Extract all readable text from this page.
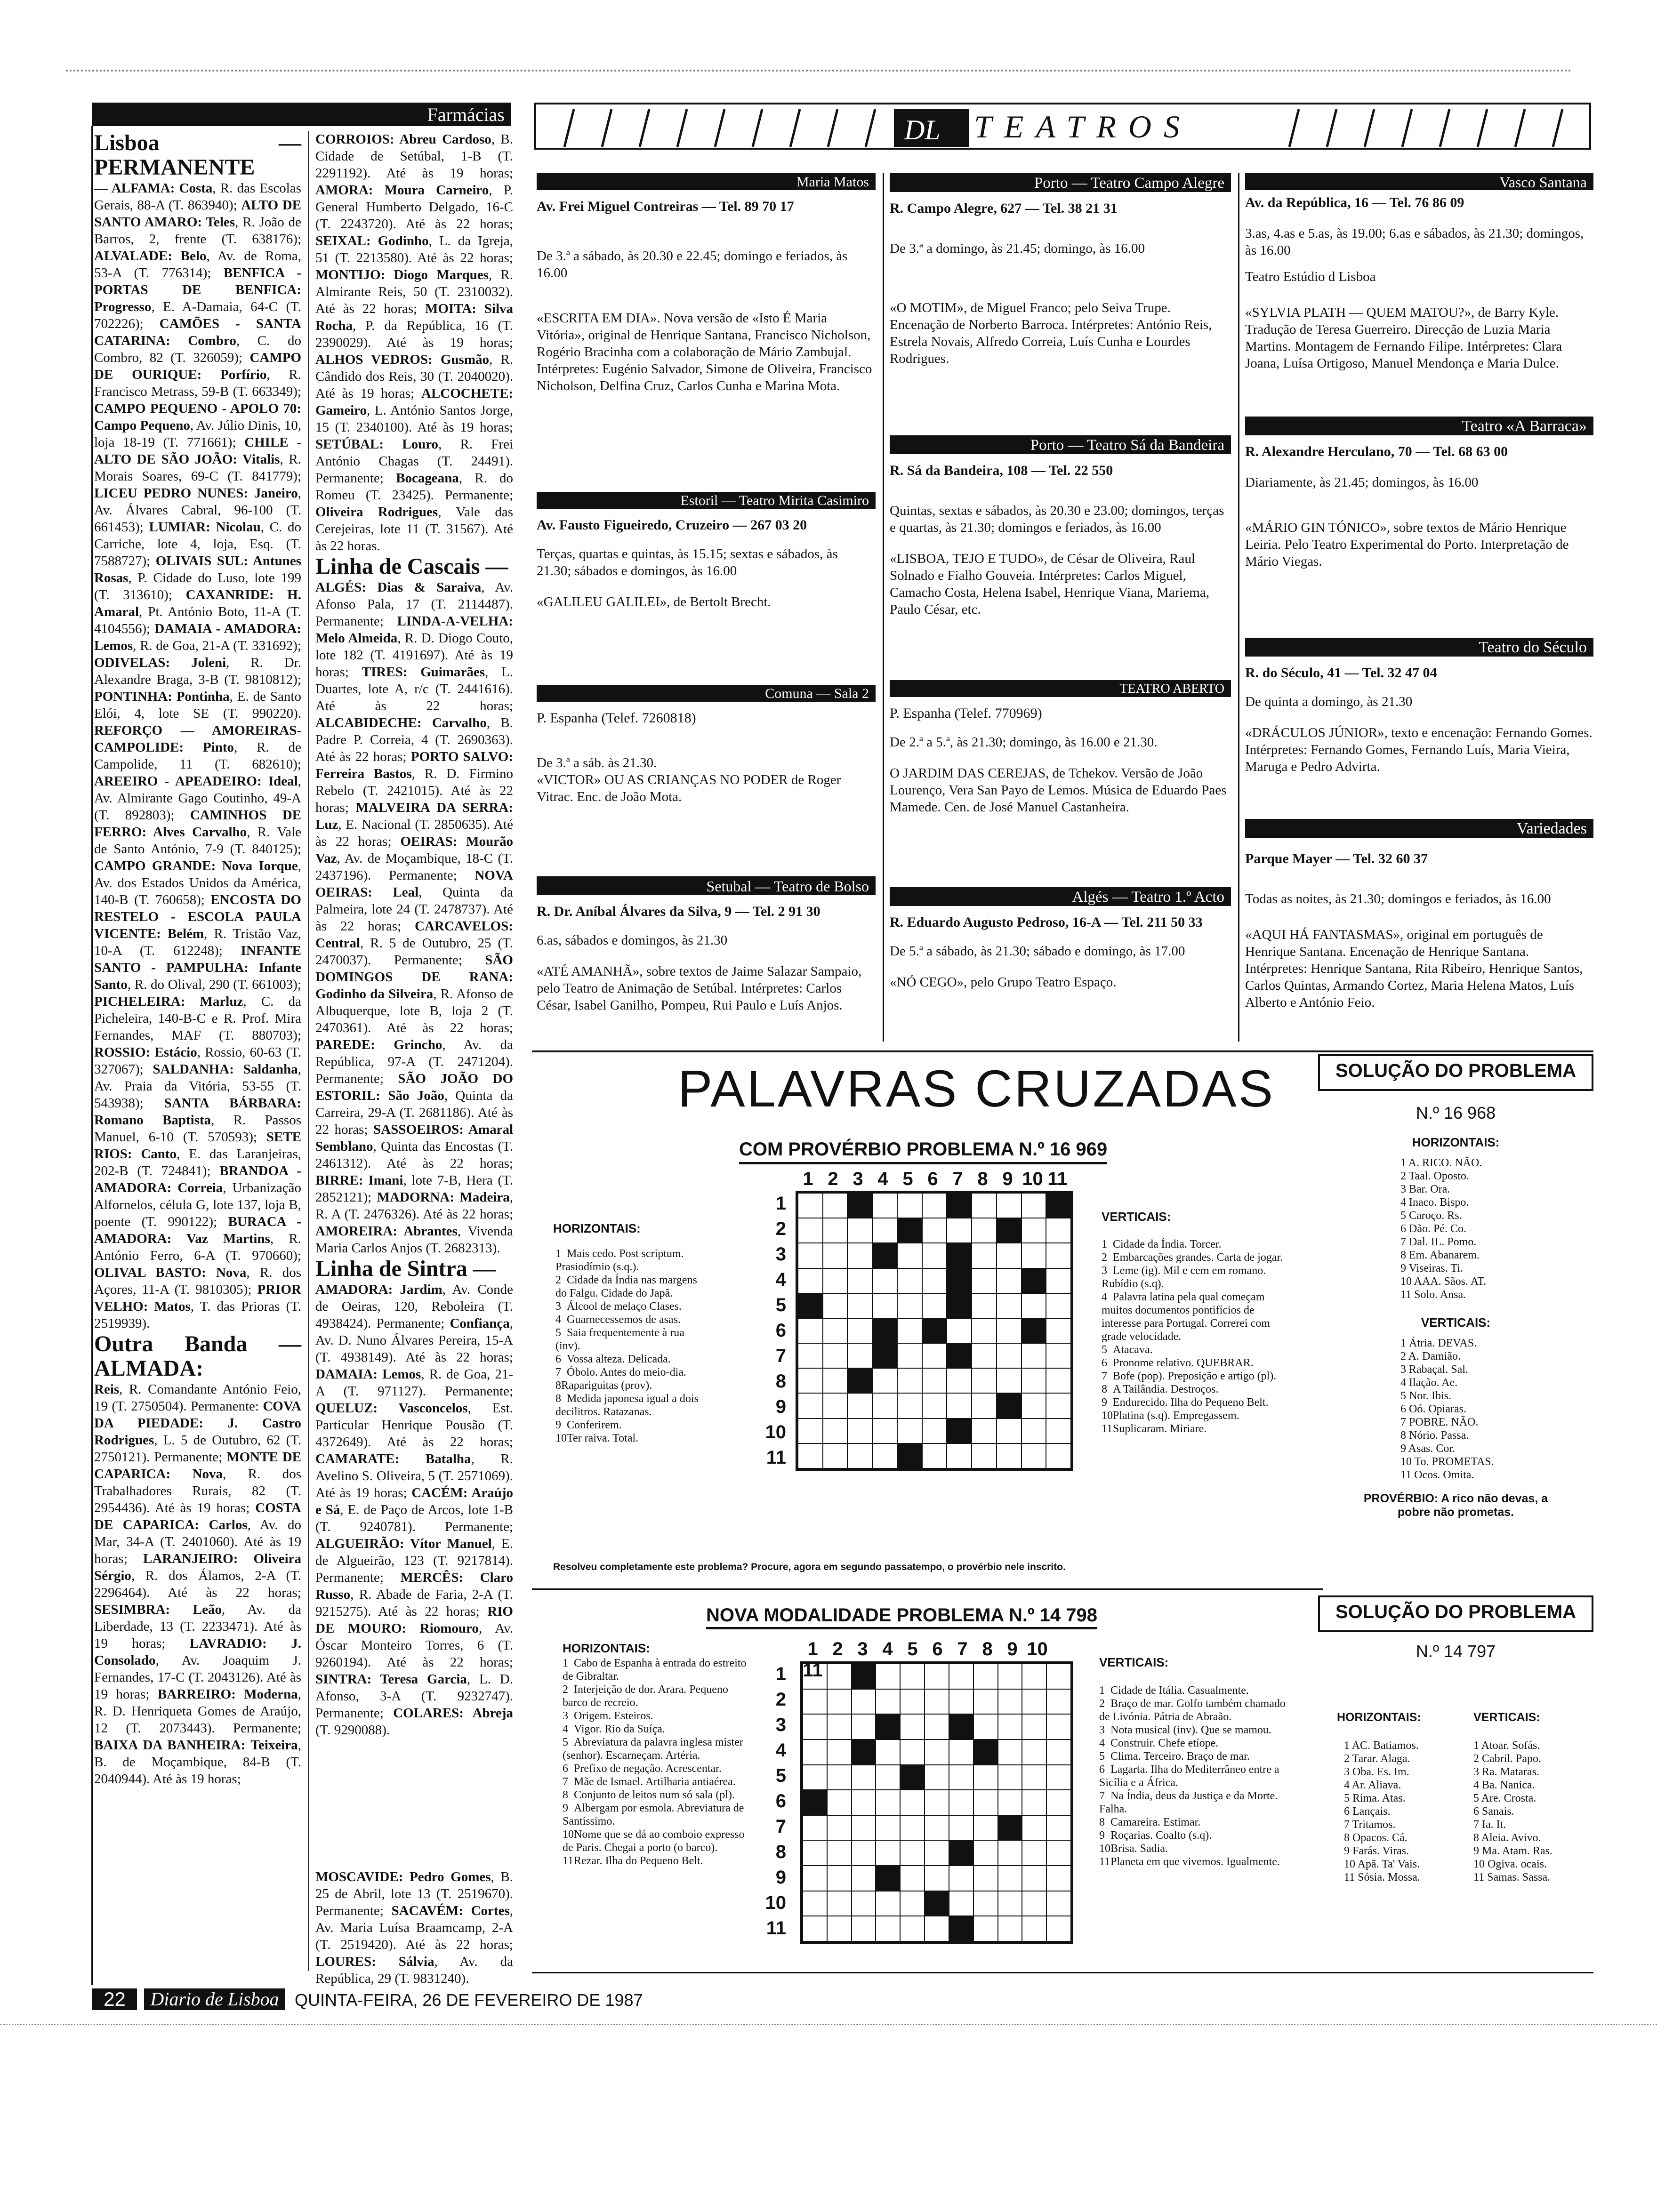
Farmácias
Lisboa — PERMANENTE
— ALFAMA: Costa, R. das Escolas Gerais, 88-A (T. 863940); ALTO DE SANTO AMARO: Teles, R. João de Barros, 2, frente (T. 638176); ALVALADE: Belo, Av. de Roma, 53-A (T. 776314); BENFICA - PORTAS DE BENFICA: Progresso, E. A-Damaia, 64-C (T. 702226); CAMÕES - SANTA CATARINA: Combro, C. do Combro, 82 (T. 326059); CAMPO DE OURIQUE: Porfírio, R. Francisco Metrass, 59-B (T. 663349); CAMPO PEQUENO - APOLO 70: Campo Pequeno, Av. Júlio Dinis, 10, loja 18-19 (T. 771661); CHILE - ALTO DE SÃO JOÃO: Vitalis, R. Morais Soares, 69-C (T. 841779); LICEU PEDRO NUNES: Janeiro, Av. Álvares Cabral, 96-100 (T. 661453); LUMIAR: Nicolau, C. do Carriche, lote 4, loja, Esq. (T. 7588727); OLIVAIS SUL: Antunes Rosas, P. Cidade do Luso, lote 199 (T. 313610); CAXANRIDE: H. Amaral, Pt. António Boto, 11-A (T. 4104556); DAMAIA - AMADORA: Lemos, R. de Goa, 21-A (T. 331692); ODIVELAS: Joleni, R. Dr. Alexandre Braga, 3-B (T. 9810812); PONTINHA: Pontinha, E. de Santo Elói, 4, lote SE (T. 990220). REFORÇO — AMOREIRAS- CAMPOLIDE: Pinto, R. de Campolide, 11 (T. 682610); AREEIRO - APEADEIRO: Ideal, Av. Almirante Gago Coutinho, 49-A (T. 892803); CAMINHOS DE FERRO: Alves Carvalho, R. Vale de Santo António, 7-9 (T. 840125); CAMPO GRANDE: Nova Iorque, Av. dos Estados Unidos da América, 140-B (T. 760658); ENCOSTA DO RESTELO - ESCOLA PAULA VICENTE: Belém, R. Tristão Vaz, 10-A (T. 612248); INFANTE SANTO - PAMPULHA: Infante Santo, R. do Olival, 290 (T. 661003); PICHELEIRA: Marluz, C. da Picheleira, 140-B-C e R. Prof. Mira Fernandes, MAF (T. 880703); ROSSIO: Estácio, Rossio, 60-63 (T. 327067); SALDANHA: Saldanha, Av. Praia da Vitória, 53-55 (T. 543938); SANTA BÁRBARA: Romano Baptista, R. Passos Manuel, 6-10 (T. 570593); SETE RIOS: Canto, E. das Laranjeiras, 202-B (T. 724841); BRANDOA - AMADORA: Correia, Urbanização Alfornelos, célula G, lote 137, loja B, poente (T. 990122); BURACA - AMADORA: Vaz Martins, R. António Ferro, 6-A (T. 970660); OLIVAL BASTO: Nova, R. dos Açores, 11-A (T. 9810305); PRIOR VELHO: Matos, T. das Prioras (T. 2519939).
Outra Banda — ALMADA:
Reis, R. Comandante António Feio, 19 (T. 2750504). Permanente: COVA DA PIEDADE: J. Castro Rodrigues, L. 5 de Outubro, 62 (T. 2750121). Permanente; MONTE DE CAPARICA: Nova, R. dos Trabalhadores Rurais, 82 (T. 2954436). Até às 19 horas; COSTA DE CAPARICA: Carlos, Av. do Mar, 34-A (T. 2401060). Até às 19 horas; LARANJEIRO: Oliveira Sérgio, R. dos Álamos, 2-A (T. 2296464). Até às 22 horas; SESIMBRA: Leão, Av. da Liberdade, 13 (T. 2233471). Até às 19 horas; LAVRADIO: J. Consolado, Av. Joaquim J. Fernandes, 17-C (T. 2043126). Até às 19 horas; BARREIRO: Moderna, R. D. Henriqueta Gomes de Araújo, 12 (T. 2073443). Permanente; BAIXA DA BANHEIRA: Teixeira, B. de Moçambique, 84-B (T. 2040944). Até às 19 horas;
CORROIOS: Abreu Cardoso, B. Cidade de Setúbal, 1-B (T. 2291192). Até às 19 horas; AMORA: Moura Carneiro, P. General Humberto Delgado, 16-C (T. 2243720). Até às 22 horas; SEIXAL: Godinho, L. da Igreja, 51 (T. 2213580). Até às 22 horas; MONTIJO: Diogo Marques, R. Almirante Reis, 50 (T. 2310032). Até às 22 horas; MOITA: Silva Rocha, P. da República, 16 (T. 2390029). Até às 19 horas; ALHOS VEDROS: Gusmão, R. Cândido dos Reis, 30 (T. 2040020). Até às 19 horas; ALCOCHETE: Gameiro, L. António Santos Jorge, 15 (T. 2340100). Até às 19 horas; SETÚBAL: Louro, R. Frei António Chagas (T. 24491). Permanente; Bocageana, R. do Romeu (T. 23425). Permanente; Oliveira Rodrigues, Vale das Cerejeiras, lote 11 (T. 31567). Até às 22 horas.
Linha de Cascais —
ALGÉS: Dias & Saraiva, Av. Afonso Pala, 17 (T. 2114487). Permanente; LINDA-A-VELHA: Melo Almeida, R. D. Diogo Couto, lote 182 (T. 4191697). Até às 19 horas; TIRES: Guimarães, L. Duartes, lote A, r/c (T. 2441616). Até às 22 horas; ALCABIDECHE: Carvalho, B. Padre P. Correia, 4 (T. 2690363). Até às 22 horas; PORTO SALVO: Ferreira Bastos, R. D. Firmino Rebelo (T. 2421015). Até às 22 horas; MALVEIRA DA SERRA: Luz, E. Nacional (T. 2850635). Até às 22 horas; OEIRAS: Mourão Vaz, Av. de Moçambique, 18-C (T. 2437196). Permanente; NOVA OEIRAS: Leal, Quinta da Palmeira, lote 24 (T. 2478737). Até às 22 horas; CARCAVELOS: Central, R. 5 de Outubro, 25 (T. 2470037). Permanente; SÃO DOMINGOS DE RANA: Godinho da Silveira, R. Afonso de Albuquerque, lote B, loja 2 (T. 2470361). Até às 22 horas; PAREDE: Grincho, Av. da República, 97-A (T. 2471204). Permanente; SÃO JOÃO DO ESTORIL: São João, Quinta da Carreira, 29-A (T. 2681186). Até às 22 horas; SASSOEIROS: Amaral Semblano, Quinta das Encostas (T. 2461312). Até às 22 horas; BIRRE: Imani, lote 7-B, Hera (T. 2852121); MADORNA: Madeira, R. A (T. 2476326). Até às 22 horas; AMOREIRA: Abrantes, Vivenda Maria Carlos Anjos (T. 2682313).
Linha de Sintra —
AMADORA: Jardim, Av. Conde de Oeiras, 120, Reboleira (T. 4938424). Permanente; Confiança, Av. D. Nuno Álvares Pereira, 15-A (T. 4938149). Até às 22 horas; DAMAIA: Lemos, R. de Goa, 21-A (T. 971127). Permanente; QUELUZ: Vasconcelos, Est. Particular Henrique Pousão (T. 4372649). Até às 22 horas; CAMARATE: Batalha, R. Avelino S. Oliveira, 5 (T. 2571069). Até às 19 horas; CACÉM: Araújo e Sá, E. de Paço de Arcos, lote 1-B (T. 9240781). Permanente; ALGUEIRÃO: Vítor Manuel, E. de Algueirão, 123 (T. 9217814). Permanente; MERCÊS: Claro Russo, R. Abade de Faria, 2-A (T. 9215275). Até às 22 horas; RIO DE MOURO: Riomouro, Av. Óscar Monteiro Torres, 6 (T. 9260194). Até às 22 horas; SINTRA: Teresa Garcia, L. D. Afonso, 3-A (T. 9232747). Permanente; COLARES: Abreja (T. 9290088).
MOSCAVIDE: Pedro Gomes, B. 25 de Abril, lote 13 (T. 2519670). Permanente; SACAVÉM: Cortes, Av. Maria Luísa Braamcamp, 2-A (T. 2519420). Até às 22 horas; LOURES: Sálvia, Av. da República, 29 (T. 9831240).
DL TEATROS
Maria Matos
Av. Frei Miguel Contreiras — Tel. 89 70 17

De 3.ª a sábado, às 20.30 e 22.45; domingo e feriados, às 16.00

«ESCRITA EM DIA». Nova versão de «Isto É Maria Vitória», original de Henrique Santana, Francisco Nicholson, Rogério Bracinha com a colaboração de Mário Zambujal. Intérpretes: Eugénio Salvador, Simone de Oliveira, Francisco Nicholson, Delfina Cruz, Carlos Cunha e Marina Mota.

Estoril — Teatro Mirita Casimiro
Av. Fausto Figueiredo, Cruzeiro — 267 03 20

Terças, quartas e quintas, às 15.15; sextas e sábados, às 21.30; sábados e domingos, às 16.00

«GALILEU GALILEI», de Bertolt Brecht.

Comuna — Sala 2
P. Espanha (Telef. 7260818)

De 3.ª a sáb. às 21.30.

«VICTOR» OU AS CRIANÇAS NO PODER de Roger Vitrac. Enc. de João Mota.

Setubal — Teatro de Bolso
R. Dr. Aníbal Álvares da Silva, 9 — Tel. 2 91 30

6.as, sábados e domingos, às 21.30

«ATÉ AMANHÃ», sobre textos de Jaime Salazar Sampaio, pelo Teatro de Animação de Setúbal. Intérpretes: Carlos César, Isabel Ganilho, Pompeu, Rui Paulo e Luís Anjos.

Porto — Teatro Campo Alegre
R. Campo Alegre, 627 — Tel. 38 21 31

De 3.ª a domingo, às 21.45; domingo, às 16.00

«O MOTIM», de Miguel Franco; pelo Seiva Trupe. Encenação de Norberto Barroca. Intérpretes: António Reis, Estrela Novais, Alfredo Correia, Luís Cunha e Lourdes Rodrigues.

Porto — Teatro Sá da Bandeira
R. Sá da Bandeira, 108 — Tel. 22 550

Quintas, sextas e sábados, às 20.30 e 23.00; domingos, terças e quartas, às 21.30; domingos e feriados, às 16.00

«LISBOA, TEJO E TUDO», de César de Oliveira, Raul Solnado e Fialho Gouveia. Intérpretes: Carlos Miguel, Camacho Costa, Helena Isabel, Henrique Viana, Mariema, Paulo César, etc.

TEATRO ABERTO
P. Espanha (Telef. 770969)

De 2.ª a 5.ª, às 21.30; domingo, às 16.00 e 21.30.

O JARDIM DAS CEREJAS, de Tchekov. Versão de João Lourenço, Vera San Payo de Lemos. Música de Eduardo Paes Mamede. Cen. de José Manuel Castanheira.

Algés — Teatro 1.º Acto
R. Eduardo Augusto Pedroso, 16-A — Tel. 211 50 33

De 5.ª a sábado, às 21.30; sábado e domingo, às 17.00

«NÓ CEGO», pelo Grupo Teatro Espaço.

Vasco Santana
Av. da República, 16 — Tel. 76 86 09

3.as, 4.as e 5.as, às 19.00; 6.as e sábados, às 21.30; domingos, às 16.00

Teatro Estúdio d Lisboa

«SYLVIA PLATH — QUEM MATOU?», de Barry Kyle. Tradução de Teresa Guerreiro. Direcção de Luzia Maria Martins. Montagem de Fernando Filipe. Intérpretes: Clara Joana, Luísa Ortigoso, Manuel Mendonça e Maria Dulce.

Teatro «A Barraca»
R. Alexandre Herculano, 70 — Tel. 68 63 00

Diariamente, às 21.45; domingos, às 16.00

«MÁRIO GIN TÓNICO», sobre textos de Mário Henrique Leiria. Pelo Teatro Experimental do Porto. Interpretação de Mário Viegas.

Teatro do Século
R. do Século, 41 — Tel. 32 47 04

De quinta a domingo, às 21.30

«DRÁCULOS JÚNIOR», texto e encenação: Fernando Gomes. Intérpretes: Fernando Gomes, Fernando Luís, Maria Vieira, Maruga e Pedro Advirta.

Variedades
Parque Mayer — Tel. 32 60 37

Todas as noites, às 21.30; domingos e feriados, às 16.00

«AQUI HÁ FANTASMAS», original em português de Henrique Santana. Encenação de Henrique Santana. Intérpretes: Henrique Santana, Rita Ribeiro, Henrique Santos, Carlos Quintas, Armando Cortez, Maria Helena Matos, Luís Alberto e António Feio.

PALAVRAS CRUZADAS
COM PROVÉRBIO PROBLEMA N.º 16 969
HORIZONTAIS:
1 Mais cedo. Post scriptum. Prasiodímio (s.q.).
2 Cidade da Índia nas margens do Falgu. Cidade do Japã.
3 Álcool de melaço Clases.
4 Guarnecessemos de asas.
5 Saia frequentemente à rua (inv).
6 Vossa alteza. Delicada.
7 Óbolo. Antes do meio-dia. 8Rapariguitas (prov).
8 Medida japonesa igual a dois decilitros. Ratazanas.
9 Conferirem.
10Ter raiva. Total.
1 2 3 4 5 6 7 8 9 10 11
1
2
3
4
5
6
7
8
9
10
11
VERTICAIS:
1 Cidade da Índia. Torcer.
2 Embarcações grandes. Carta de jogar.
3 Leme (ig). Mil e cem em romano. Rubídio (s.q).
4 Palavra latina pela qual começam muitos documentos pontifícios de interesse para Portugal. Correrei com grade velocidade.
5 Atacava.
6 Pronome relativo. QUEBRAR.
7 Bofe (pop). Preposição e artigo (pl).
8 A Tailândia. Destroços.
9 Endurecido. Ilha do Pequeno Belt.
10Platina (s.q). Empregassem.
11Suplicaram. Miriare.
Resolveu completamente este problema? Procure, agora em segundo passatempo, o provérbio nele inscrito.
SOLUÇÃO DO PROBLEMA
N.º 16 968
HORIZONTAIS:
1 A. RICO. NÃO.
2 Taal. Oposto.
3 Bar. Ora.
4 Inaco. Bispo.
5 Caroço. Rs.
6 Dão. Pé. Co.
7 Dal. IL. Pomo.
8 Em. Abanarem.
9 Viseiras. Ti.
10 AAA. Sãos. AT.
11 Solo. Ansa.
VERTICAIS:
1 Átria. DEVAS.
2 A. Damião.
3 Rabaçal. Sal.
4 Ilação. Ae.
5 Nor. Ibis.
6 Oó. Opiaras.
7 POBRE. NÃO.
8 Nório. Passa.
9 Asas. Cor.
10 To. PROMETAS.
11 Ocos. Omita.
PROVÉRBIO: A rico não devas, a pobre não prometas.
NOVA MODALIDADE PROBLEMA N.º 14 798
HORIZONTAIS:
1 Cabo de Espanha à entrada do estreito de Gibraltar.
2 Interjeição de dor. Arara. Pequeno barco de recreio.
3 Origem. Esteiros.
4 Vigor. Rio da Suíça.
5 Abreviatura da palavra inglesa mister (senhor). Escarneçam. Artéria.
6 Prefixo de negação. Acrescentar.
7 Mãe de Ismael. Artilharia antiaérea.
8 Conjunto de leitos num só sala (pl).
9 Albergam por esmola. Abreviatura de Santíssimo.
10Nome que se dá ao comboio expresso de Paris. Chegai a porto (o barco).
11Rezar. Ilha do Pequeno Belt.
1 2 3 4 5 6 7 8 9 1011
1
2
3
4
5
6
7
8
9
10
11
VERTICAIS:
1 Cidade de Itália. Casualmente.
2 Braço de mar. Golfo também chamado de Livónia. Pátria de Abraão.
3 Nota musical (inv). Que se mamou.
4 Construir. Chefe etíope.
5 Clima. Terceiro. Braço de mar.
6 Lagarta. Ilha do Mediterrâneo entre a Sicília e a África.
7 Na Índia, deus da Justiça e da Morte. Falha.
8 Camareira. Estimar.
9 Roçarias. Coalto (s.q).
10Brisa. Sadia.
11Planeta em que vivemos. Igualmente.
SOLUÇÃO DO PROBLEMA
N.º 14 797
HORIZONTAIS:	VERTICAIS:
1 AC. Batiamos.
2 Tarar. Alaga.
3 Oba. Es. Im.
4 Ar. Aliava.
5 Rima. Atas.
6 Lançais.
7 Tritamos.
8 Opacos. Cá.
9 Farás. Viras.
10 Apã. Ta' Vais.
11 Sósia. Mossa.
1 Atoar. Sofás.
2 Cabril. Papo.
3 Ra. Mataras.
4 Ba. Nanica.
5 Are. Crosta.
6 Sanais.
7 Ia. It.
8 Aleia. Avivo.
9 Ma. Atam. Ras.
10 Ogiva. ocais.
11 Samas. Sassa.
22	Diario de Lisboa QUINTA-FEIRA, 26 DE FEVEREIRO DE 1987
